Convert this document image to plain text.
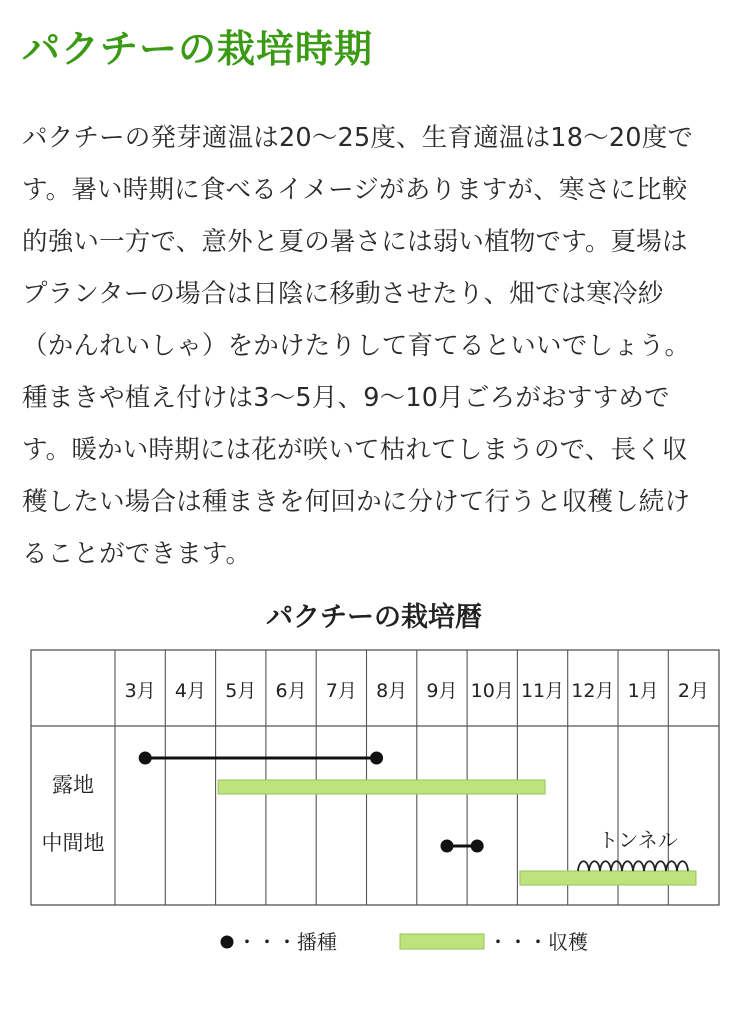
パクチーの栽培時期
パクチーの発芽適温は20～25度、生育適温は18～20度で
す。暑い時期に食べるイメージがありますが、寒さに比較
的強い一方で、意外と夏の暑さには弱い植物です。夏場は
プランターの場合は日陰に移動させたり、畑では寒冷紗
（かんれいしゃ）をかけたりして育てるといいでしょう。
種まきや植え付けは3～5月、9～10月ごろがおすすめで
す。暖かい時期には花が咲いて枯れてしまうので、長く収
穫したい場合は種まきを何回かに分けて行うと収穫し続け
ることができます。
パクチーの栽培暦
3月 4月 5月 6月 7月 8月 9月 10月 11月 12月 1月 2月
露地
中間地	トンネル
・・・播種	・・・収穫
